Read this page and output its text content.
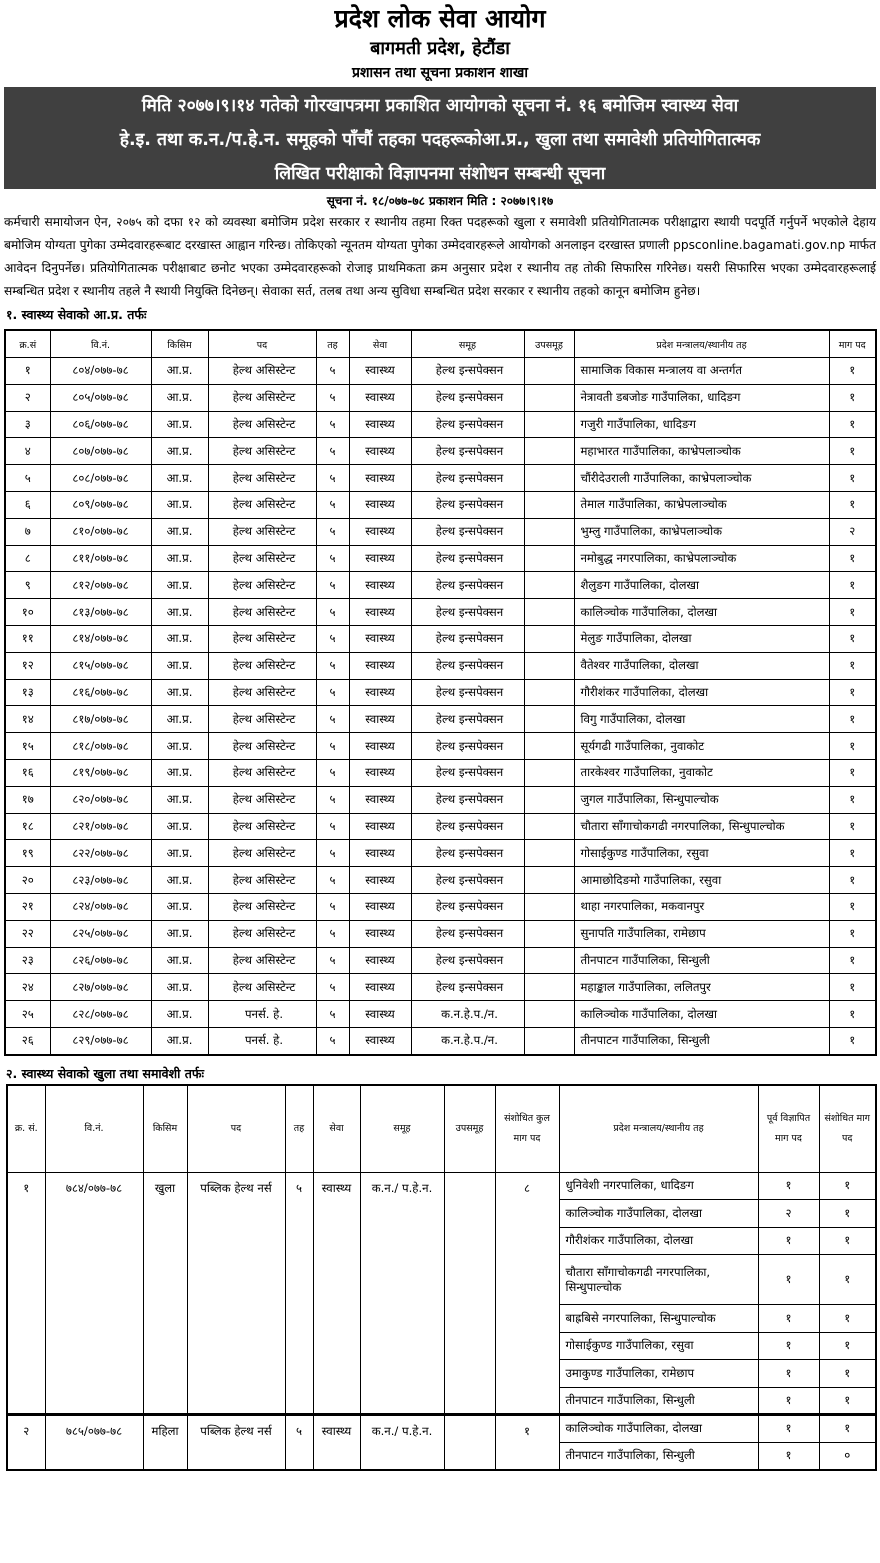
प्रदेश लोक सेवा आयोग
बागमती प्रदेश, हेटौंडा
प्रशासन तथा सूचना प्रकाशन शाखा
मिति २०७७।९।१४ गतेको गोरखापत्रमा प्रकाशित आयोगको सूचना नं. १६ बमोजिम स्वास्थ्य सेवा
हे.इ. तथा क.न./प.हे.न. समूहको पाँचौं तहका पदहरूकोआ.प्र., खुला तथा समावेशी प्रतियोगितात्मक
लिखित परीक्षाको विज्ञापनमा संशोधन सम्बन्धी सूचना
सूचना नं. १८/०७७-७८ प्रकाशन मिति : २०७७।९।१७
कर्मचारी समायोजन ऐन, २०७५ को दफा १२ को व्यवस्था बमोजिम प्रदेश सरकार र स्थानीय तहमा रिक्त पदहरूको खुला र समावेशी प्रतियोगितात्मक परीक्षाद्वारा स्थायी पदपूर्ति गर्नुपर्ने भएकोले देहाय बमोजिम योग्यता पुगेका उम्मेदवारहरूबाट दरखास्त आह्वान गरिन्छ। तोकिएको न्यूनतम योग्यता पुगेका उम्मेदवारहरूले आयोगको अनलाइन दरखास्त प्रणाली ppsconline.bagamati.gov.np मार्फत आवेदन दिनुपर्नेछ। प्रतियोगितात्मक परीक्षाबाट छनोट भएका उम्मेदवारहरूको रोजाइ प्राथमिकता क्रम अनुसार प्रदेश र स्थानीय तह तोकी सिफारिस गरिनेछ। यसरी सिफारिस भएका उम्मेदवारहरूलाई सम्बन्धित प्रदेश र स्थानीय तहले नै स्थायी नियुक्ति दिनेछन्। सेवाका सर्त, तलब तथा अन्य सुविधा सम्बन्धित प्रदेश सरकार र स्थानीय तहको कानून बमोजिम हुनेछ।
१. स्वास्थ्य सेवाको आ.प्र. तर्फः
क्र.सं	वि.नं.	किसिम	पद	तह	सेवा	समूह	उपसमूह	प्रदेश मन्त्रालय/स्थानीय तह	माग पद
१	८०४/०७७-७८	आ.प्र.	हेल्थ असिस्टेन्ट	५	स्वास्थ्य	हेल्थ इन्सपेक्सन		सामाजिक विकास मन्त्रालय वा अन्तर्गत	१
२	८०५/०७७-७८	आ.प्र.	हेल्थ असिस्टेन्ट	५	स्वास्थ्य	हेल्थ इन्सपेक्सन		नेत्रावती डबजोङ गाउँपालिका, धादिङग	१
३	८०६/०७७-७८	आ.प्र.	हेल्थ असिस्टेन्ट	५	स्वास्थ्य	हेल्थ इन्सपेक्सन		गजुरी गाउँपालिका, धादिङग	१
४	८०७/०७७-७८	आ.प्र.	हेल्थ असिस्टेन्ट	५	स्वास्थ्य	हेल्थ इन्सपेक्सन		महाभारत गाउँपालिका, काभ्रेपलाञ्चोक	१
५	८०८/०७७-७८	आ.प्र.	हेल्थ असिस्टेन्ट	५	स्वास्थ्य	हेल्थ इन्सपेक्सन		चौंरीदेउराली गाउँपालिका, काभ्रेपलाञ्चोक	१
६	८०९/०७७-७८	आ.प्र.	हेल्थ असिस्टेन्ट	५	स्वास्थ्य	हेल्थ इन्सपेक्सन		तेमाल गाउँपालिका, काभ्रेपलाञ्चोक	१
७	८१०/०७७-७८	आ.प्र.	हेल्थ असिस्टेन्ट	५	स्वास्थ्य	हेल्थ इन्सपेक्सन		भुम्लु गाउँपालिका, काभ्रेपलाञ्चोक	२
८	८११/०७७-७८	आ.प्र.	हेल्थ असिस्टेन्ट	५	स्वास्थ्य	हेल्थ इन्सपेक्सन		नमोबुद्ध नगरपालिका, काभ्रेपलाञ्चोक	१
९	८१२/०७७-७८	आ.प्र.	हेल्थ असिस्टेन्ट	५	स्वास्थ्य	हेल्थ इन्सपेक्सन		शैलुङग गाउँपालिका, दोलखा	१
१०	८१३/०७७-७८	आ.प्र.	हेल्थ असिस्टेन्ट	५	स्वास्थ्य	हेल्थ इन्सपेक्सन		कालिञ्चोक गाउँपालिका, दोलखा	१
११	८१४/०७७-७८	आ.प्र.	हेल्थ असिस्टेन्ट	५	स्वास्थ्य	हेल्थ इन्सपेक्सन		मेलुङ गाउँपालिका, दोलखा	१
१२	८१५/०७७-७८	आ.प्र.	हेल्थ असिस्टेन्ट	५	स्वास्थ्य	हेल्थ इन्सपेक्सन		वैतेश्वर गाउँपालिका, दोलखा	१
१३	८१६/०७७-७८	आ.प्र.	हेल्थ असिस्टेन्ट	५	स्वास्थ्य	हेल्थ इन्सपेक्सन		गौरीशंकर गाउँपालिका, दोलखा	१
१४	८१७/०७७-७८	आ.प्र.	हेल्थ असिस्टेन्ट	५	स्वास्थ्य	हेल्थ इन्सपेक्सन		विगु गाउँपालिका, दोलखा	१
१५	८१८/०७७-७८	आ.प्र.	हेल्थ असिस्टेन्ट	५	स्वास्थ्य	हेल्थ इन्सपेक्सन		सूर्यगढी गाउँपालिका, नुवाकोट	१
१६	८१९/०७७-७८	आ.प्र.	हेल्थ असिस्टेन्ट	५	स्वास्थ्य	हेल्थ इन्सपेक्सन		तारकेश्वर गाउँपालिका, नुवाकोट	१
१७	८२०/०७७-७८	आ.प्र.	हेल्थ असिस्टेन्ट	५	स्वास्थ्य	हेल्थ इन्सपेक्सन		जुगल गाउँपालिका, सिन्धुपाल्चोक	१
१८	८२१/०७७-७८	आ.प्र.	हेल्थ असिस्टेन्ट	५	स्वास्थ्य	हेल्थ इन्सपेक्सन		चौतारा साँगाचोकगढी नगरपालिका, सिन्धुपाल्चोक	१
१९	८२२/०७७-७८	आ.प्र.	हेल्थ असिस्टेन्ट	५	स्वास्थ्य	हेल्थ इन्सपेक्सन		गोसाईकुण्ड गाउँपालिका, रसुवा	१
२०	८२३/०७७-७८	आ.प्र.	हेल्थ असिस्टेन्ट	५	स्वास्थ्य	हेल्थ इन्सपेक्सन		आमाछोदिङमो गाउँपालिका, रसुवा	१
२१	८२४/०७७-७८	आ.प्र.	हेल्थ असिस्टेन्ट	५	स्वास्थ्य	हेल्थ इन्सपेक्सन		थाहा नगरपालिका, मकवानपुर	१
२२	८२५/०७७-७८	आ.प्र.	हेल्थ असिस्टेन्ट	५	स्वास्थ्य	हेल्थ इन्सपेक्सन		सुनापति गाउँपालिका, रामेछाप	१
२३	८२६/०७७-७८	आ.प्र.	हेल्थ असिस्टेन्ट	५	स्वास्थ्य	हेल्थ इन्सपेक्सन		तीनपाटन गाउँपालिका, सिन्धुली	१
२४	८२७/०७७-७८	आ.प्र.	हेल्थ असिस्टेन्ट	५	स्वास्थ्य	हेल्थ इन्सपेक्सन		महाङ्काल गाउँपालिका, ललितपुर	१
२५	८२८/०७७-७८	आ.प्र.	पनर्स. हे.	५	स्वास्थ्य	क.न.हे.प./न.		कालिञ्चोक गाउँपालिका, दोलखा	१
२६	८२९/०७७-७८	आ.प्र.	पनर्स. हे.	५	स्वास्थ्य	क.न.हे.प./न.		तीनपाटन गाउँपालिका, सिन्धुली	१
२. स्वास्थ्य सेवाको खुला तथा समावेशी तर्फः
क्र. सं.	वि.नं.	किसिम	पद	तह	सेवा	समूह	उपसमूह	संशोधित कुल माग पद	प्रदेश मन्त्रालय/स्थानीय तह	पूर्व विज्ञापित माग पद	संशोधित माग पद
१	७८४/०७७-७८	खुला	पब्लिक हेल्थ नर्स	५	स्वास्थ्य	क.न./ प.हे.न.		८	धुनिवेशी नगरपालिका, धादिङग	१	१
									कालिञ्चोक गाउँपालिका, दोलखा	२	१
									गौरीशंकर गाउँपालिका, दोलखा	१	१
									चौतारा साँगाचोकगढी नगरपालिका, सिन्धुपाल्चोक	१	१
									बाह्रबिसे नगरपालिका, सिन्धुपाल्चोक	१	१
									गोसाईकुण्ड गाउँपालिका, रसुवा	१	१
									उमाकुण्ड गाउँपालिका, रामेछाप	१	१
									तीनपाटन गाउँपालिका, सिन्धुली	१	१
२	७८५/०७७-७८	महिला	पब्लिक हेल्थ नर्स	५	स्वास्थ्य	क.न./ प.हे.न.		१	कालिञ्चोक गाउँपालिका, दोलखा	१	१
									तीनपाटन गाउँपालिका, सिन्धुली	१	०
